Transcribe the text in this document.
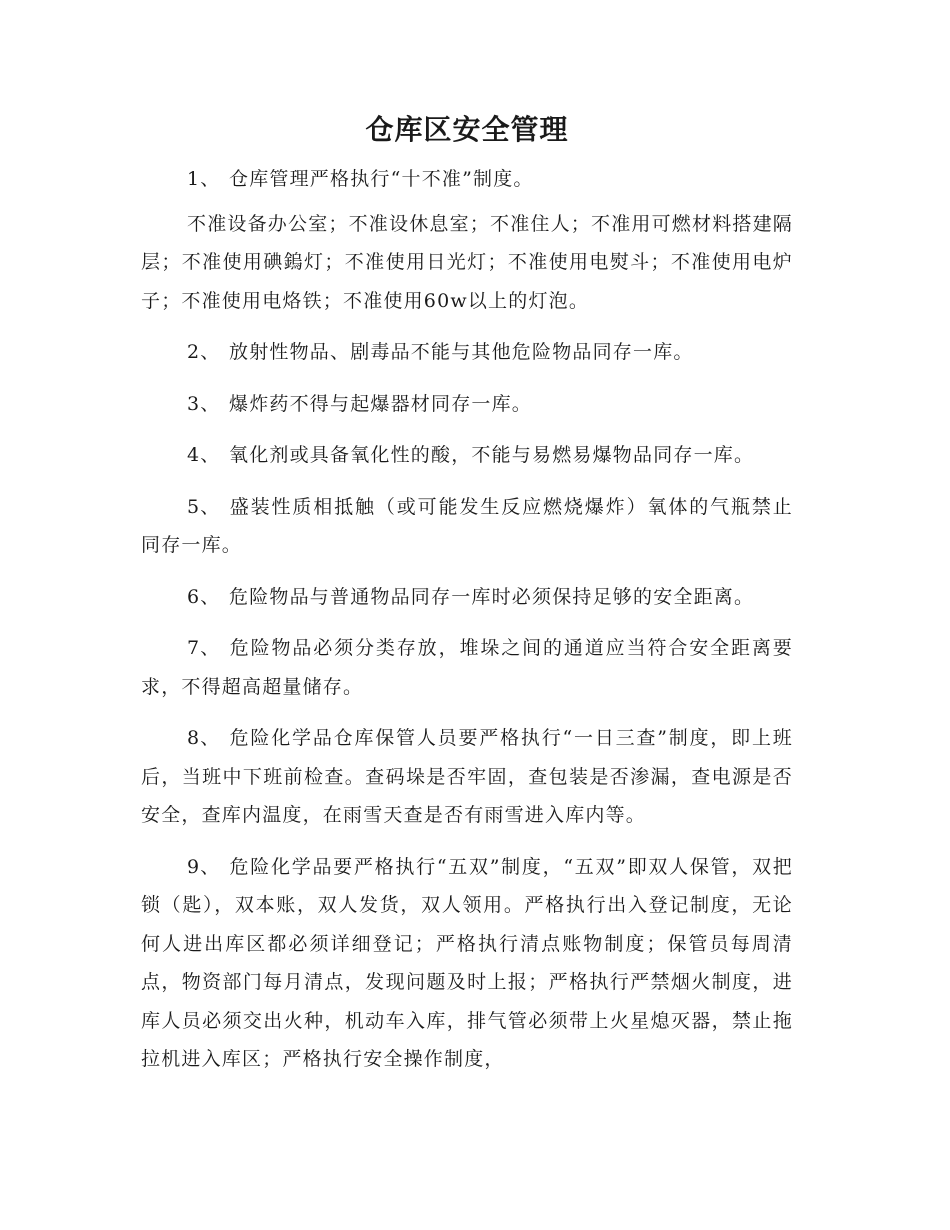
仓库区安全管理

1、 仓库管理严格执行“十不准”制度。

不准设备办公室；不准设休息室；不准住人；不准用可燃材料搭建隔层；不准使用碘鎢灯；不准使用日光灯；不准使用电熨斗；不准使用电炉子；不准使用电烙铁；不准使用60w以上的灯泡。

2、 放射性物品、剧毒品不能与其他危险物品同存一库。

3、 爆炸药不得与起爆器材同存一库。

4、 氧化剂或具备氧化性的酸，不能与易燃易爆物品同存一库。

5、 盛装性质相抵触（或可能发生反应燃烧爆炸）氧体的气瓶禁止同存一库。

6、 危险物品与普通物品同存一库时必须保持足够的安全距离。

7、 危险物品必须分类存放，堆垛之间的通道应当符合安全距离要求，不得超高超量储存。

8、 危险化学品仓库保管人员要严格执行“一日三查”制度，即上班后，当班中下班前检查。查码垛是否牢固，查包装是否渗漏，查电源是否安全，查库内温度，在雨雪天查是否有雨雪进入库内等。

9、 危险化学品要严格执行“五双”制度，“五双”即双人保管，双把锁（匙），双本账，双人发货，双人领用。严格执行出入登记制度，无论何人进出库区都必须详细登记；严格执行清点账物制度；保管员每周清点，物资部门每月清点，发现问题及时上报；严格执行严禁烟火制度，进库人员必须交出火种，机动车入库，排气管必须带上火星熄灭器，禁止拖拉机进入库区；严格执行安全操作制度，
